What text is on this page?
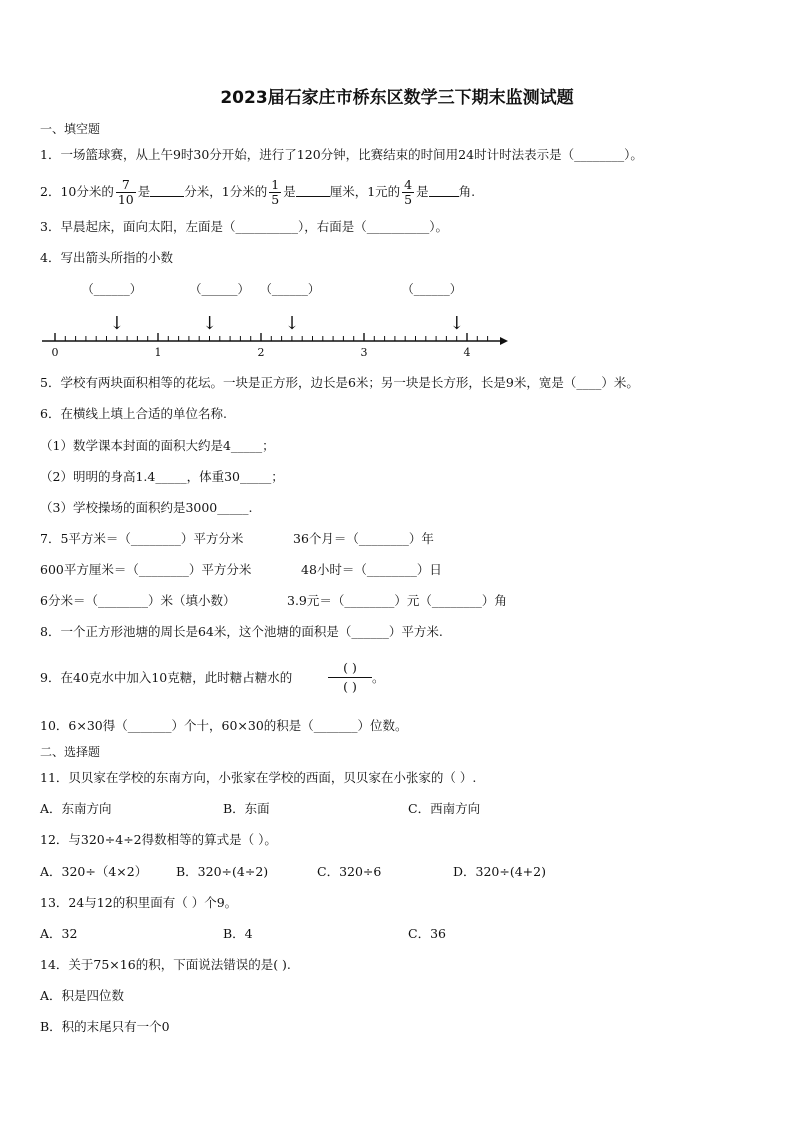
2023届石家庄市桥东区数学三下期末监测试题
一、填空题
1．一场篮球赛，从上午9时30分开始，进行了120分钟，比赛结束的时间用24时计时法表示是（________）。
2．10分米的 $\frac{7}{10}$ 是	分米，1分米的 $\frac{1}{5}$ 是	厘米，1元的 $\frac{4}{5}$ 是 角.
3．早晨起床，面向太阳，左面是（__________），右面是（__________）。
4．写出箭头所指的小数
（______）	（______） （______）	（______）
↓	↓	↓	↓
0	1	2	3	4
5．学校有两块面积相等的花坛。一块是正方形，边长是6米；另一块是长方形，长是9米，宽是（____）米。
6．在横线上填上合适的单位名称.
（1）数学课本封面的面积大约是4_____；
（2）明明的身高1.4_____，体重30_____；
（3）学校操场的面积约是3000_____.
7．5平方米＝（________）平方分米	36个月＝（________）年
600平方厘米＝（________）平方分米	48小时＝（________）日
6分米＝（________）米（填小数）	3.9元＝（________）元（________）角
8．一个正方形池塘的周长是64米，这个池塘的面积是（______）平方米.
9．在40克水中加入10克糖，此时糖占糖水的
( )
( )
。
10．6×30得（_______）个十，60×30的积是（_______）位数。
二、选择题
11．贝贝家在学校的东南方向，小张家在学校的西面，贝贝家在小张家的（ ）.
A．东南方向	B．东面	C．西南方向
12．与320÷4÷2得数相等的算式是（ ）。
A．320÷（4×2） B．320÷(4÷2)	C．320÷6	D．320÷(4+2)
13．24与12的积里面有（ ）个9。
A．32	B．4	C．36
14．关于75×16的积，下面说法错误的是( ).
A．积是四位数
B．积的末尾只有一个0
